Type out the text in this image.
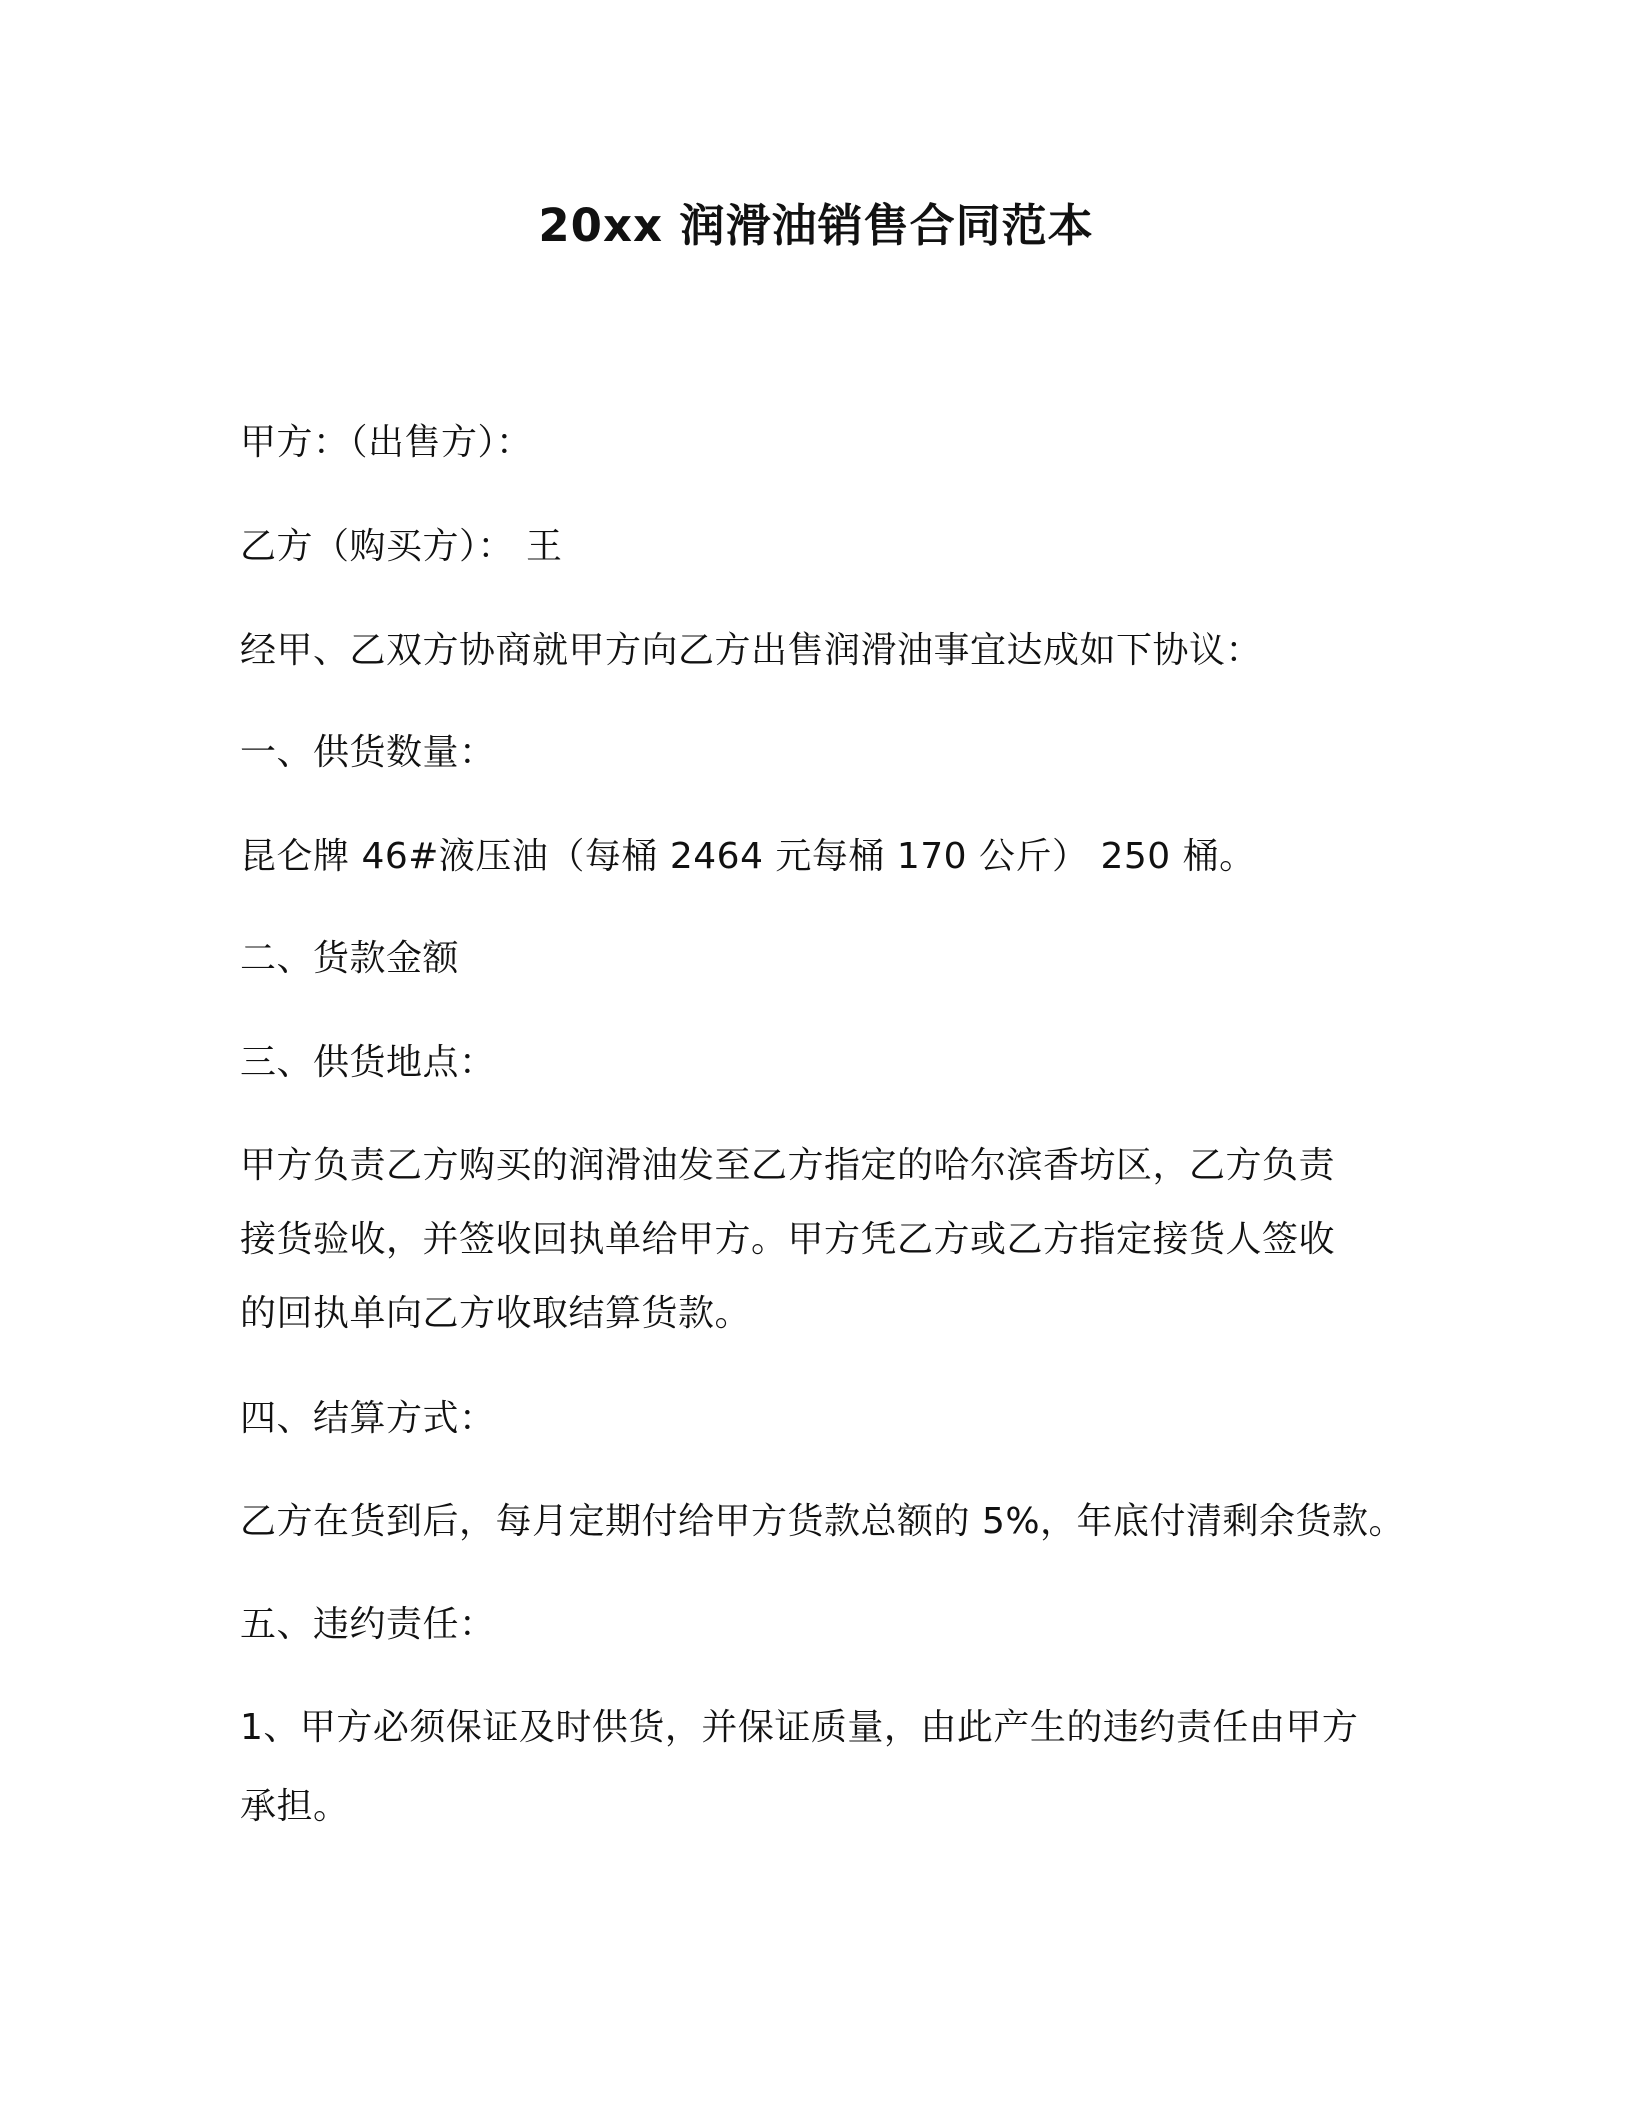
20xx 润滑油销售合同范本

甲方：（出售方）：

乙方（购买方）： 王

经甲、乙双方协商就甲方向乙方出售润滑油事宜达成如下协议：

一、供货数量：

昆仑牌 46#液压油（每桶 2464 元每桶 170 公斤） 250 桶。

二、货款金额

三、供货地点：

甲方负责乙方购买的润滑油发至乙方指定的哈尔滨香坊区，乙方负责

接货验收，并签收回执单给甲方。甲方凭乙方或乙方指定接货人签收

的回执单向乙方收取结算货款。

四、结算方式：

乙方在货到后，每月定期付给甲方货款总额的 5%，年底付清剩余货款。

五、违约责任：

1、甲方必须保证及时供货，并保证质量，由此产生的违约责任由甲方

承担。
